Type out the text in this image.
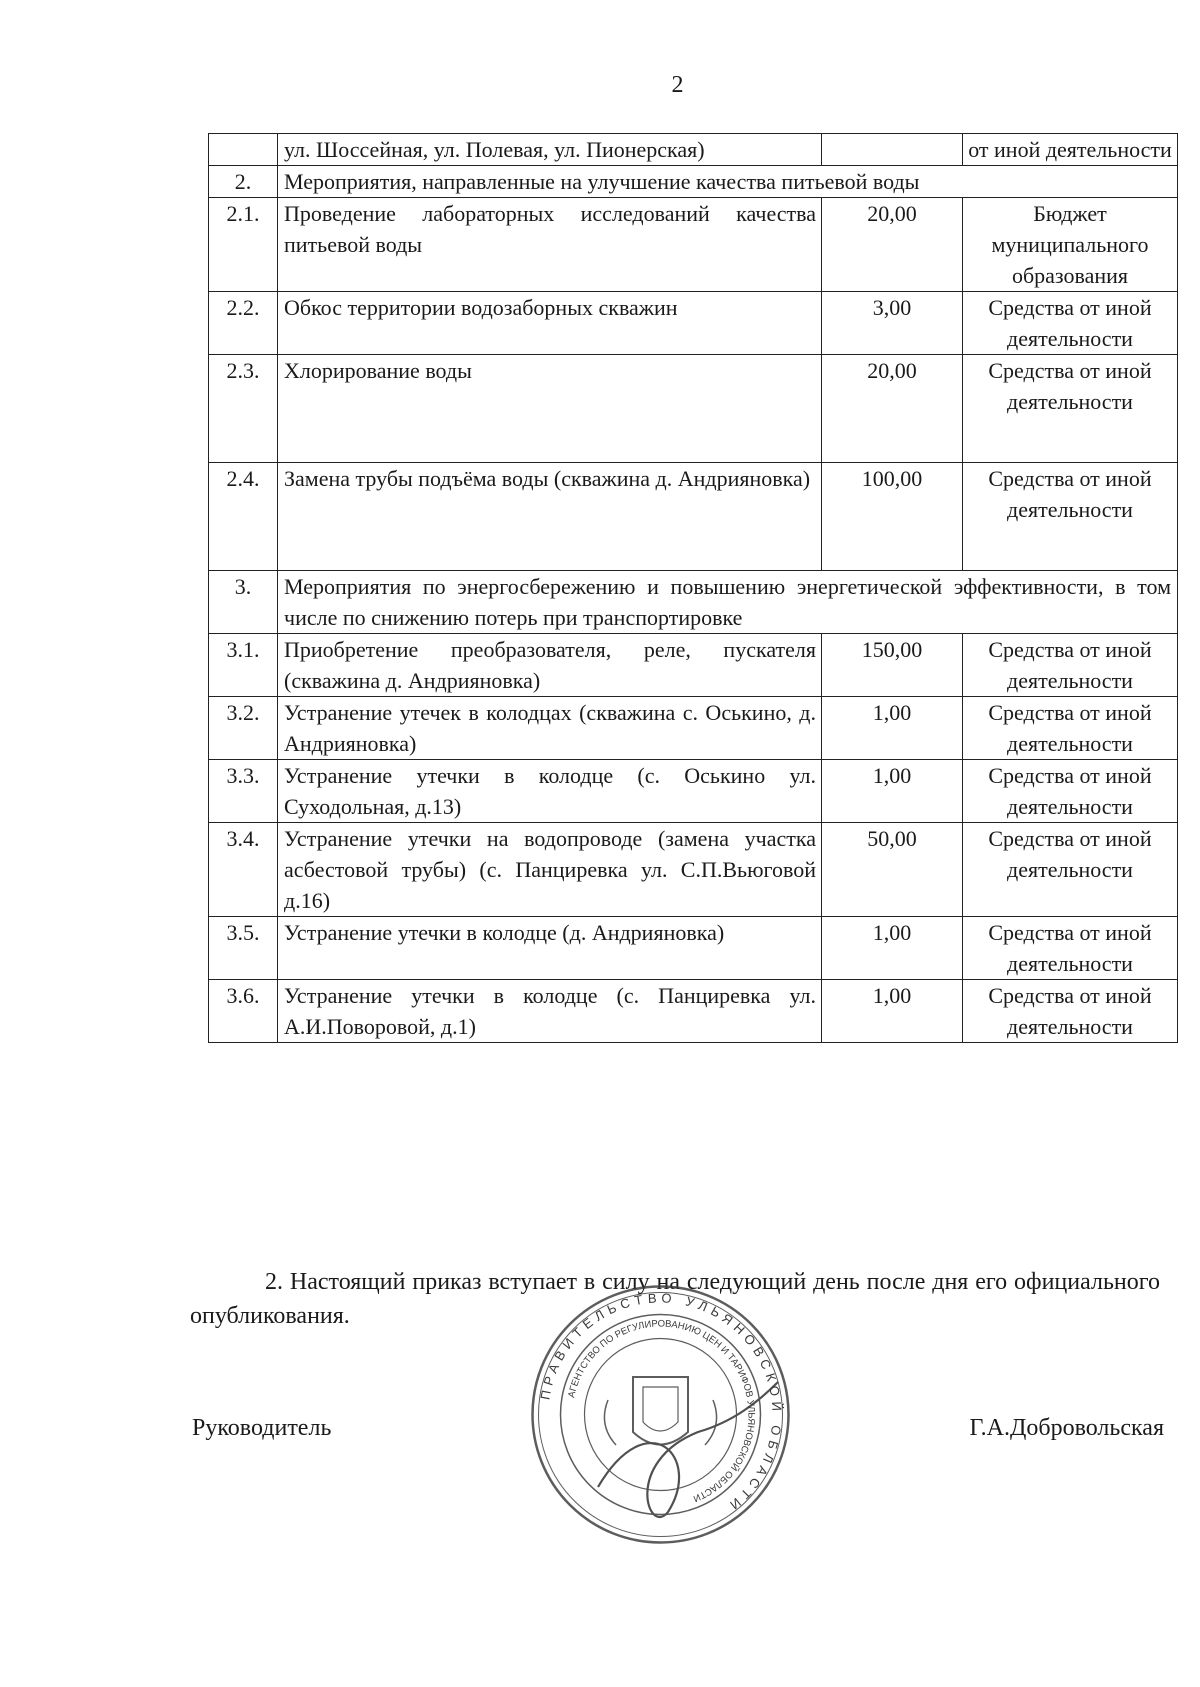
2
	ул. Шоссейная, ул. Полевая, ул. Пионерская)		от иной деятельности
2.	Мероприятия, направленные на улучшение качества питьевой воды		
2.1.	Проведение лабораторных исследований качества питьевой воды	20,00	Бюджет муниципального образования
2.2.	Обкос территории водозаборных скважин	3,00	Средства от иной деятельности
2.3.	Хлорирование воды	20,00	Средства от иной деятельности
2.4.	Замена трубы подъёма воды (скважина д. Андрияновка)	100,00	Средства от иной деятельности
3.	Мероприятия по энергосбережению и повышению энергетической эффективности, в том числе по снижению потерь при транспортировке		
3.1.	Приобретение преобразователя, реле, пускателя (скважина д. Андрияновка)	150,00	Средства от иной деятельности
3.2.	Устранение утечек в колодцах (скважина с. Оськино, д. Андрияновка)	1,00	Средства от иной деятельности
3.3.	Устранение утечки в колодце (с. Оськино ул. Суходольная, д.13)	1,00	Средства от иной деятельности
3.4.	Устранение утечки на водопроводе (замена участка асбестовой трубы) (с. Панциревка ул. С.П.Вьюговой д.16)	50,00	Средства от иной деятельности
3.5.	Устранение утечки в колодце (д. Андрияновка)	1,00	Средства от иной деятельности
3.6.	Устранение утечки в колодце (с. Панциревка ул. А.И.Поворовой, д.1)	1,00	Средства от иной деятельности
2. Настоящий приказ вступает в силу на следующий день после дня его официального опубликования.
Руководитель	Г.А.Добровольская
ПРАВИТЕЛЬСТВО УЛЬЯНОВСКОЙ ОБЛАСТИ
АГЕНТСТВО ПО РЕГУЛИРОВАНИЮ ЦЕН И ТАРИФОВ УЛЬЯНОВСКОЙ ОБЛАСТИ
